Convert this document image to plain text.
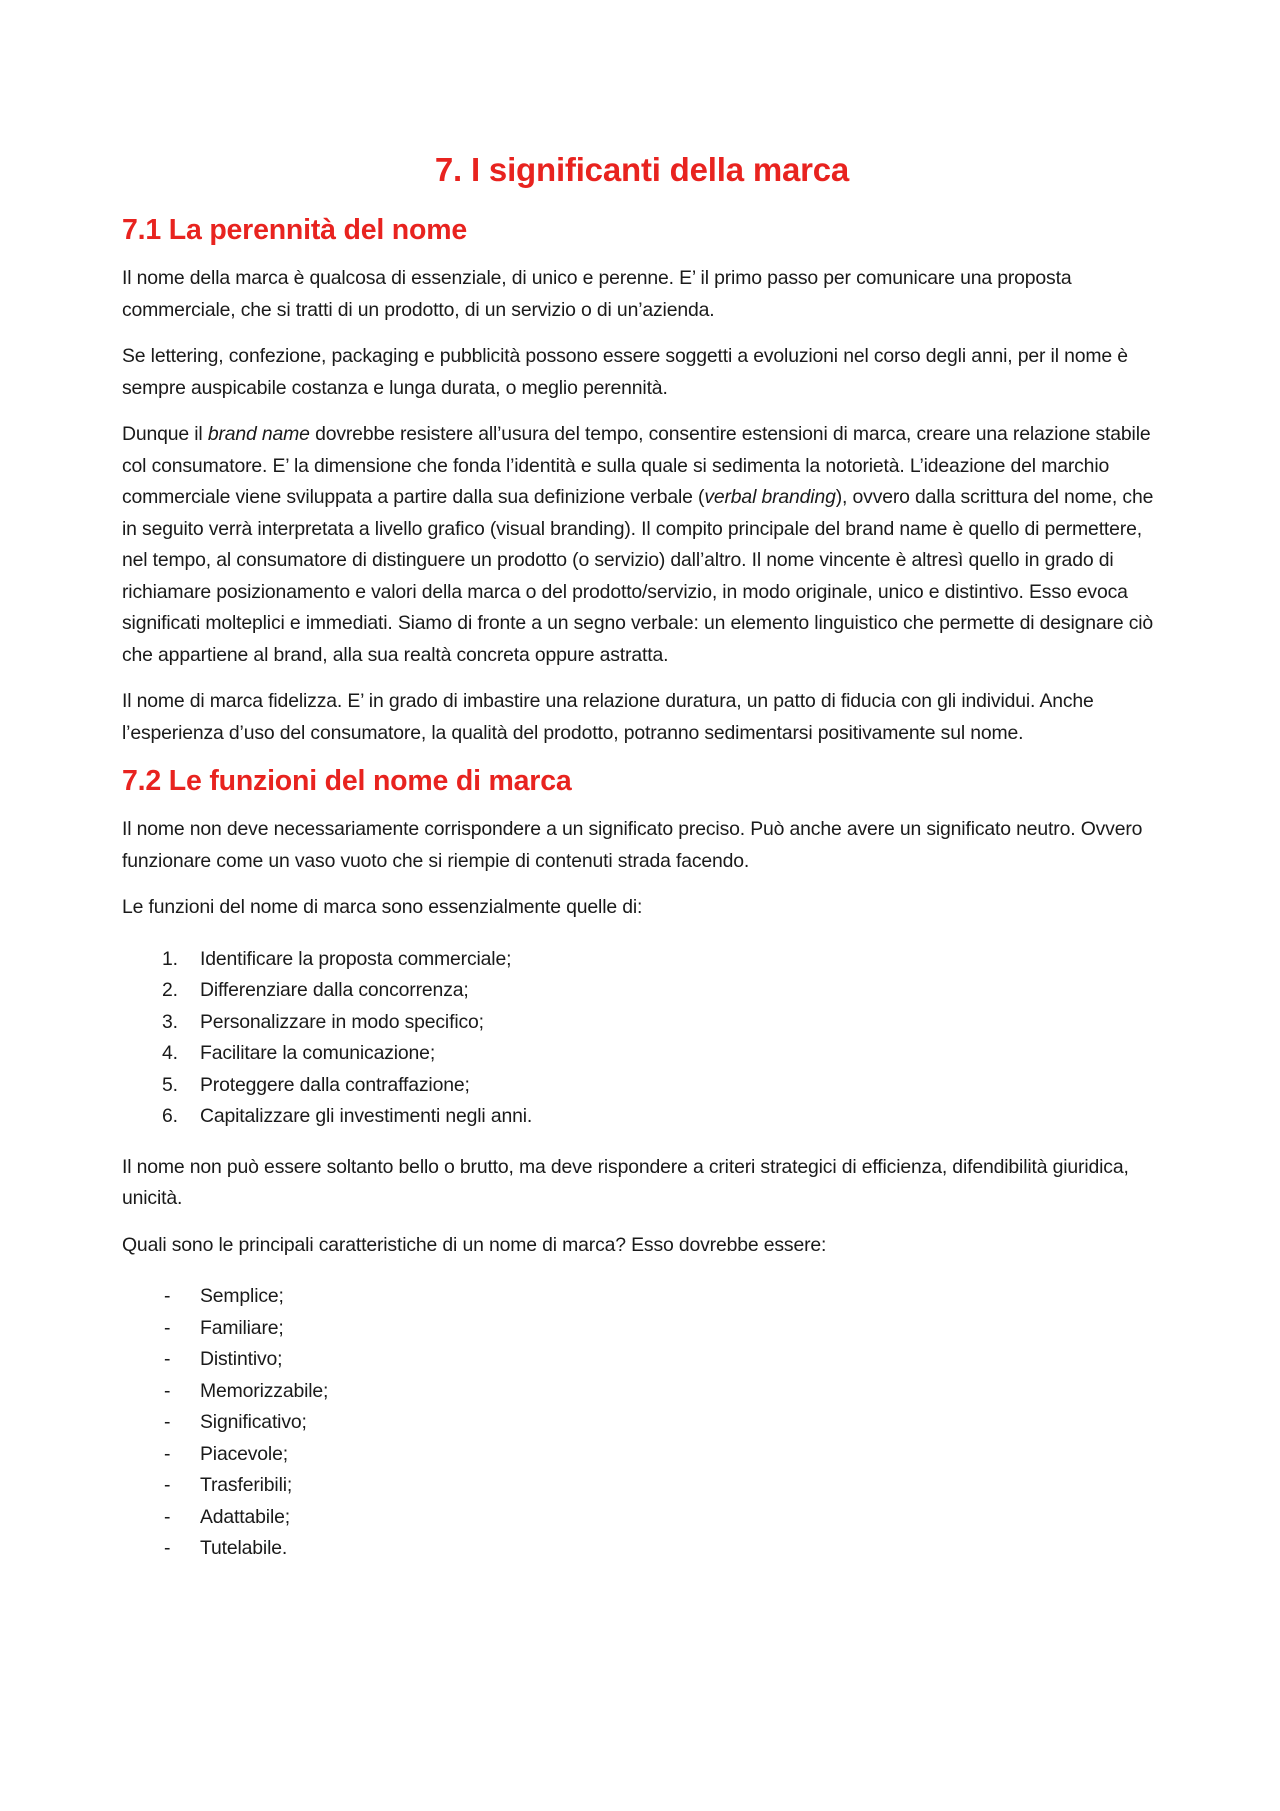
7. I significanti della marca
7.1 La perennità del nome

Il nome della marca è qualcosa di essenziale, di unico e perenne. E’ il primo passo per comunicare una proposta commerciale, che si tratti di un prodotto, di un servizio o di un’azienda.

Se lettering, confezione, packaging e pubblicità possono essere soggetti a evoluzioni nel corso degli anni, per il nome è sempre auspicabile costanza e lunga durata, o meglio perennità.

Dunque il brand name dovrebbe resistere all’usura del tempo, consentire estensioni di marca, creare una relazione stabile col consumatore. E’ la dimensione che fonda l’identità e sulla quale si sedimenta la notorietà. L’ideazione del marchio commerciale viene sviluppata a partire dalla sua definizione verbale (verbal branding), ovvero dalla scrittura del nome, che in seguito verrà interpretata a livello grafico (visual branding). Il compito principale del brand name è quello di permettere, nel tempo, al consumatore di distinguere un prodotto (o servizio) dall’altro. Il nome vincente è altresì quello in grado di richiamare posizionamento e valori della marca o del prodotto/servizio, in modo originale, unico e distintivo. Esso evoca significati molteplici e immediati. Siamo di fronte a un segno verbale: un elemento linguistico che permette di designare ciò che appartiene al brand, alla sua realtà concreta oppure astratta.

Il nome di marca fidelizza. E’ in grado di imbastire una relazione duratura, un patto di fiducia con gli individui. Anche l’esperienza d’uso del consumatore, la qualità del prodotto, potranno sedimentarsi positivamente sul nome.

7.2 Le funzioni del nome di marca

Il nome non deve necessariamente corrispondere a un significato preciso. Può anche avere un significato neutro. Ovvero funzionare come un vaso vuoto che si riempie di contenuti strada facendo.

Le funzioni del nome di marca sono essenzialmente quelle di:

1. Identificare la proposta commerciale;
2. Differenziare dalla concorrenza;
3. Personalizzare in modo specifico;
4. Facilitare la comunicazione;
5. Proteggere dalla contraffazione;
6. Capitalizzare gli investimenti negli anni.

Il nome non può essere soltanto bello o brutto, ma deve rispondere a criteri strategici di efficienza, difendibilità giuridica, unicità.

Quali sono le principali caratteristiche di un nome di marca? Esso dovrebbe essere:

- Semplice;
- Familiare;
- Distintivo;
- Memorizzabile;
- Significativo;
- Piacevole;
- Trasferibili;
- Adattabile;
- Tutelabile.
